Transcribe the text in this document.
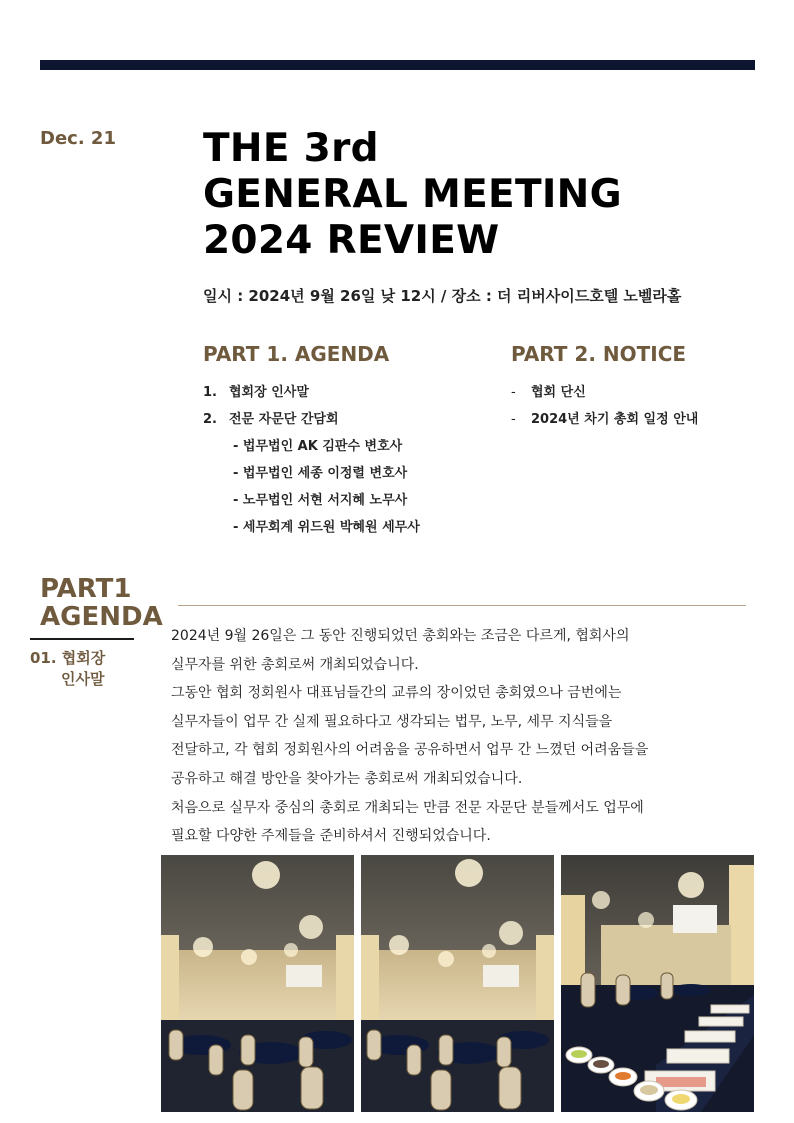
Dec. 21 THE 3rd
GENERAL MEETING
2024 REVIEW
일시 : 2024년 9월 26일 낮 12시 / 장소 : 더 리버사이드호텔 노벨라홀
PART 1. AGENDA	PART 2. NOTICE
1. 협회장 인사말
2. 전문 자문단 간담회
- 법무법인 AK 김판수 변호사
- 법무법인 세종 이정렬 변호사
- 노무법인 서현 서지혜 노무사
- 세무회계 위드원 박혜원 세무사
- 협회 단신
- 2024년 차기 총회 일정 안내
PART1
AGENDA
01. 협회장
인사말

2024년 9월 26일은 그 동안 진행되었던 총회와는 조금은 다르게, 협회사의

실무자를 위한 총회로써 개최되었습니다.

그동안 협회 정회원사 대표님들간의 교류의 장이었던 총회였으나 금번에는

실무자들이 업무 간 실제 필요하다고 생각되는 법무, 노무, 세무 지식들을

전달하고, 각 협회 정회원사의 어려움을 공유하면서 업무 간 느꼈던 어려움들을

공유하고 해결 방안을 찾아가는 총회로써 개최되었습니다.

처음으로 실무자 중심의 총회로 개최되는 만큼 전문 자문단 분들께서도 업무에

필요할 다양한 주제들을 준비하셔서 진행되었습니다.
